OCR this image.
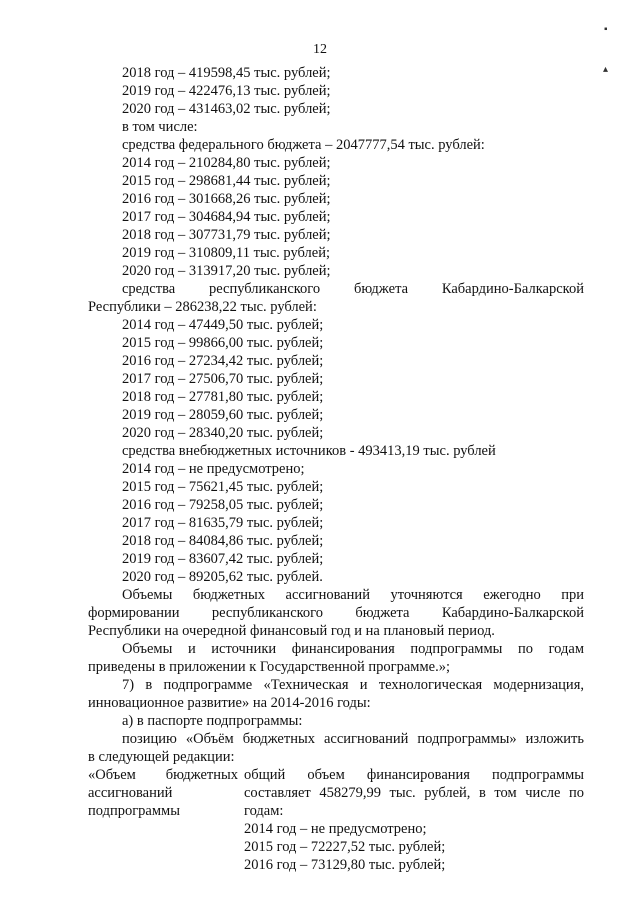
12
▪
▴
2018 год – 419598,45 тыс. рублей;
2019 год – 422476,13 тыс. рублей;
2020 год – 431463,02 тыс. рублей;
в том числе:
средства федерального бюджета – 2047777,54 тыс. рублей:
2014 год – 210284,80 тыс. рублей;
2015 год – 298681,44 тыс. рублей;
2016 год – 301668,26 тыс. рублей;
2017 год – 304684,94 тыс. рублей;
2018 год – 307731,79 тыс. рублей;
2019 год – 310809,11 тыс. рублей;
2020 год – 313917,20 тыс. рублей;
средства республиканского бюджета Кабардино-Балкарской
Республики – 286238,22 тыс. рублей:
2014 год – 47449,50 тыс. рублей;
2015 год – 99866,00 тыс. рублей;
2016 год – 27234,42 тыс. рублей;
2017 год – 27506,70 тыс. рублей;
2018 год – 27781,80 тыс. рублей;
2019 год – 28059,60 тыс. рублей;
2020 год – 28340,20 тыс. рублей;
средства внебюджетных источников - 493413,19 тыс. рублей
2014 год – не предусмотрено;
2015 год – 75621,45 тыс. рублей;
2016 год – 79258,05 тыс. рублей;
2017 год – 81635,79 тыс. рублей;
2018 год – 84084,86 тыс. рублей;
2019 год – 83607,42 тыс. рублей;
2020 год – 89205,62 тыс. рублей.
Объемы бюджетных ассигнований уточняются ежегодно при
формировании республиканского бюджета Кабардино-Балкарской
Республики на очередной финансовый год и на плановый период.
Объемы и источники финансирования подпрограммы по годам
приведены в приложении к Государственной программе.»;
7) в подпрограмме «Техническая и технологическая модернизация,
инновационное развитие» на 2014-2016 годы:
а) в паспорте подпрограммы:
позицию «Объём бюджетных ассигнований подпрограммы» изложить
в следующей редакции:
«Объем бюджетных
ассигнований
подпрограммы
общий объем финансирования подпрограммы
составляет 458279,99 тыс. рублей, в том числе по
годам:
2014 год – не предусмотрено;
2015 год – 72227,52 тыс. рублей;
2016 год – 73129,80 тыс. рублей;
